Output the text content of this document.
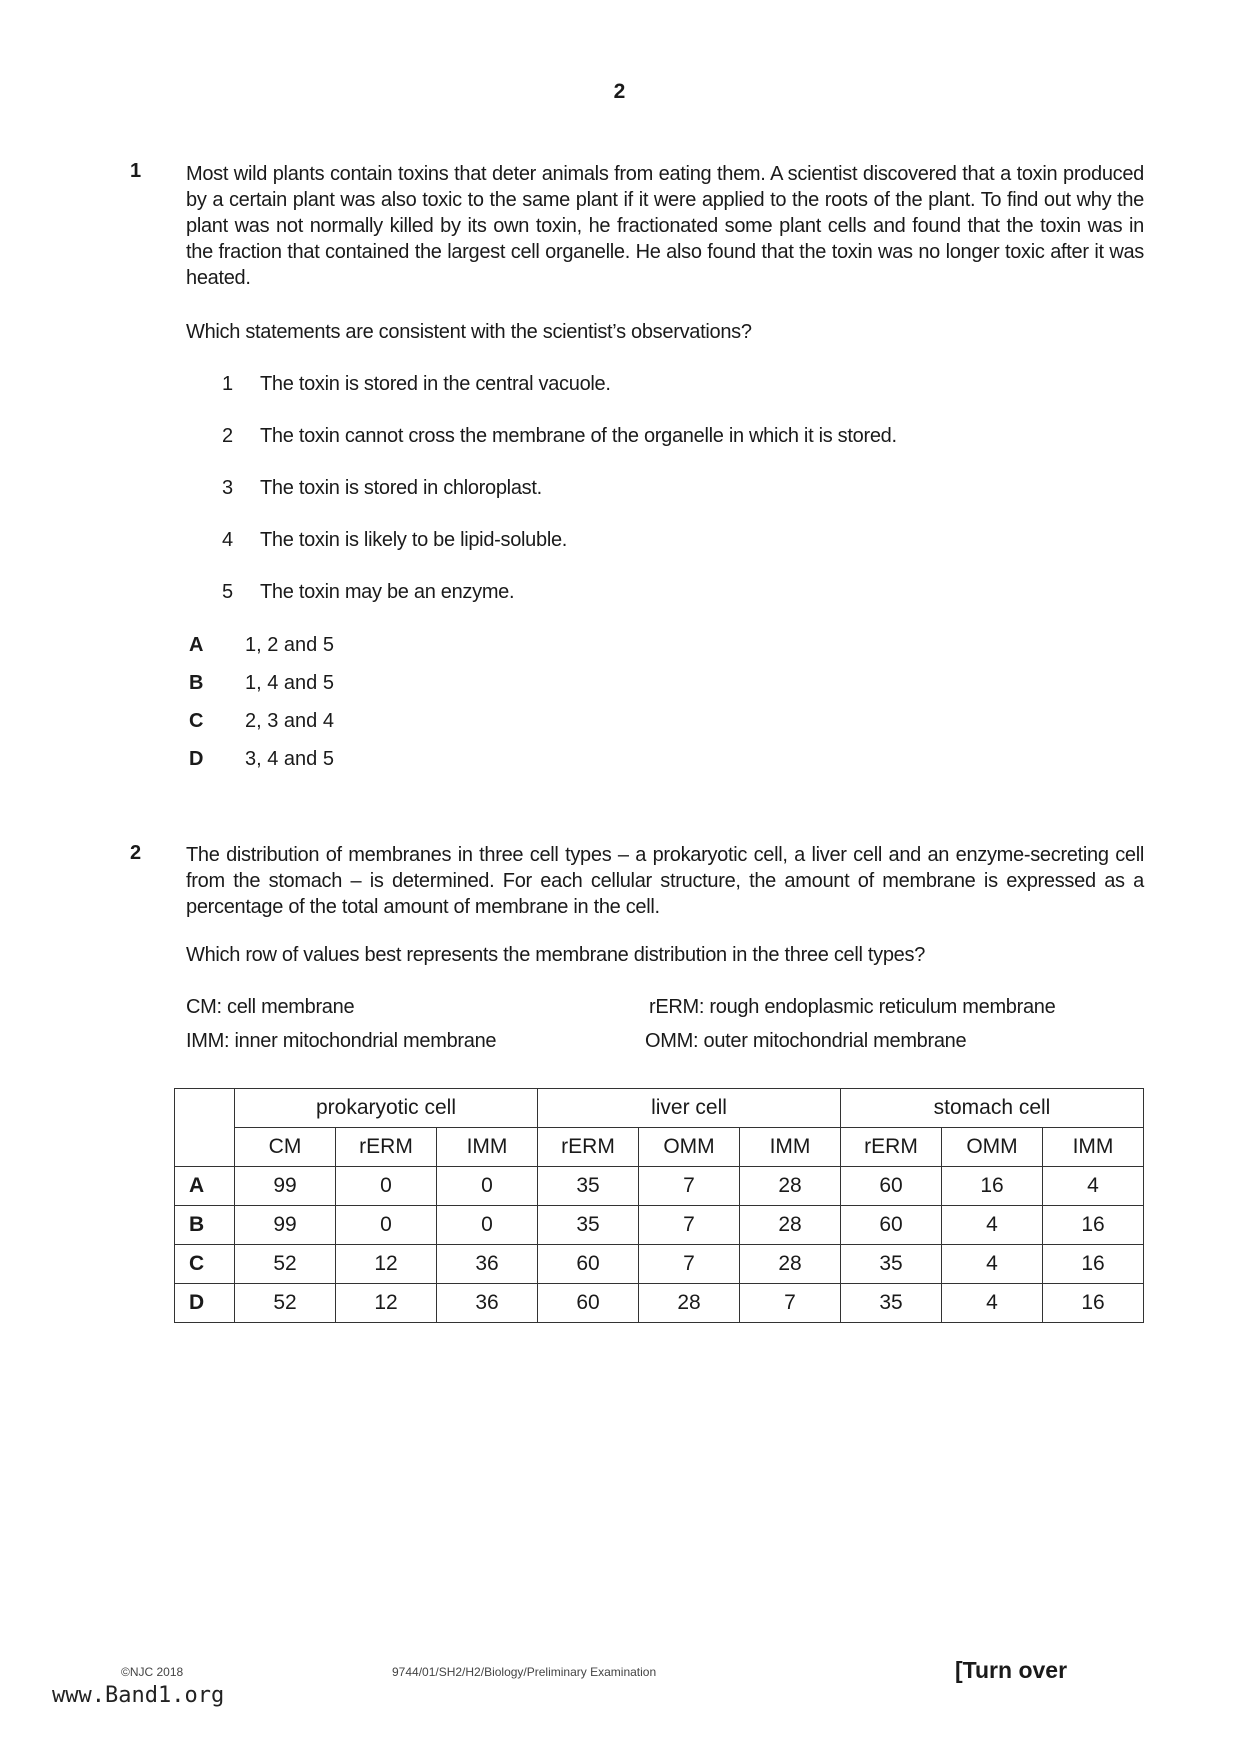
2
1 Most wild plants contain toxins that deter animals from eating them. A scientist discovered that a toxin produced by a certain plant was also toxic to the same plant if it were applied to the roots of the plant. To find out why the plant was not normally killed by its own toxin, he fractionated some plant cells and found that the toxin was in the fraction that contained the largest cell organelle. He also found that the toxin was no longer toxic after it was heated.
Which statements are consistent with the scientist’s observations?
1 The toxin is stored in the central vacuole.
2 The toxin cannot cross the membrane of the organelle in which it is stored.
3 The toxin is stored in chloroplast.
4 The toxin is likely to be lipid-soluble.
5 The toxin may be an enzyme.
A 1, 2 and 5
B 1, 4 and 5
C 2, 3 and 4
D 3, 4 and 5
2 The distribution of membranes in three cell types – a prokaryotic cell, a liver cell and an enzyme-secreting cell from the stomach – is determined. For each cellular structure, the amount of membrane is expressed as a percentage of the total amount of membrane in the cell.
Which row of values best represents the membrane distribution in the three cell types?
CM: cell membrane	rERM: rough endoplasmic reticulum membrane
IMM: inner mitochondrial membrane	OMM: outer mitochondrial membrane
	prokaryotic cell			liver cell			stomach cell		
	CM	rERM	IMM	rERM	OMM	IMM	rERM	OMM	IMM
A	99	0	0	35	7	28	60	16	4
B	99	0	0	35	7	28	60	4	16
C	52	12	36	60	7	28	35	4	16
D	52	12	36	60	28	7	35	4	16
©NJC 2018	9744/01/SH2/H2/Biology/Preliminary Examination	[Turn over
www.Band1.org
